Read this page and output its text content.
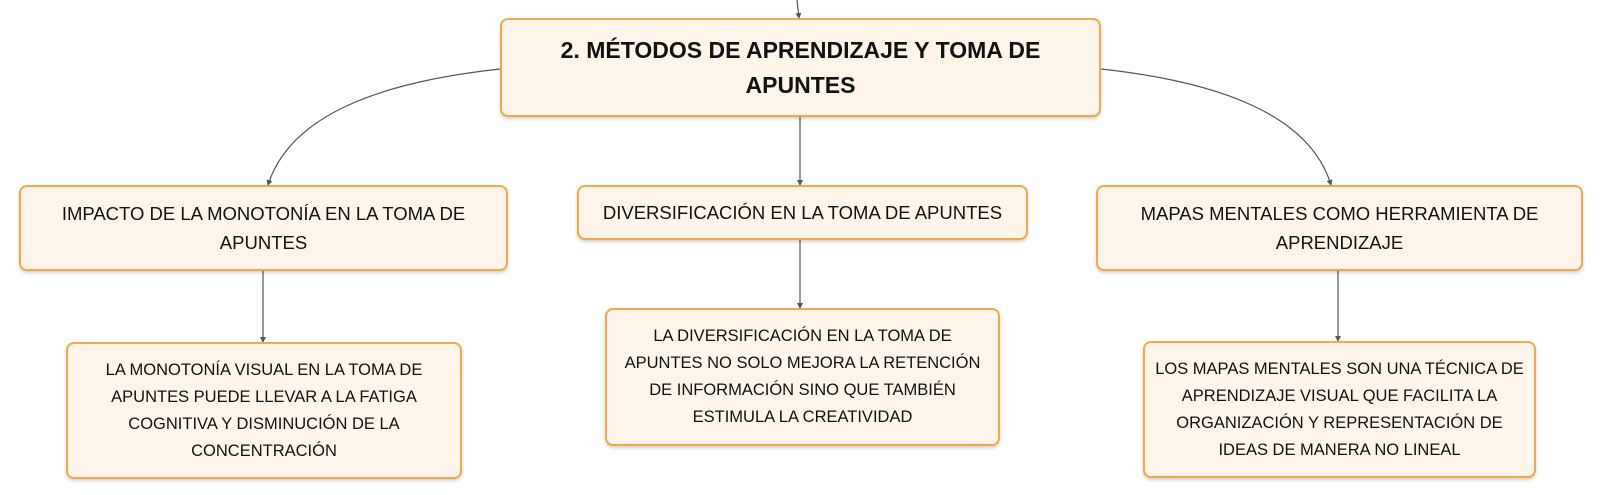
2. MÉTODOS DE APRENDIZAJE Y TOMA DE APUNTES
IMPACTO DE LA MONOTONÍA EN LA TOMA DE APUNTES
DIVERSIFICACIÓN EN LA TOMA DE APUNTES	MAPAS MENTALES COMO HERRAMIENTA DE APRENDIZAJE
LA MONOTONÍA VISUAL EN LA TOMA DE APUNTES PUEDE LLEVAR A LA FATIGA COGNITIVA Y DISMINUCIÓN DE LA CONCENTRACIÓN
LA DIVERSIFICACIÓN EN LA TOMA DE APUNTES NO SOLO MEJORA LA RETENCIÓN DE INFORMACIÓN SINO QUE TAMBIÉN ESTIMULA LA CREATIVIDAD
LOS MAPAS MENTALES SON UNA TÉCNICA DE APRENDIZAJE VISUAL QUE FACILITA LA ORGANIZACIÓN Y REPRESENTACIÓN DE IDEAS DE MANERA NO LINEAL
